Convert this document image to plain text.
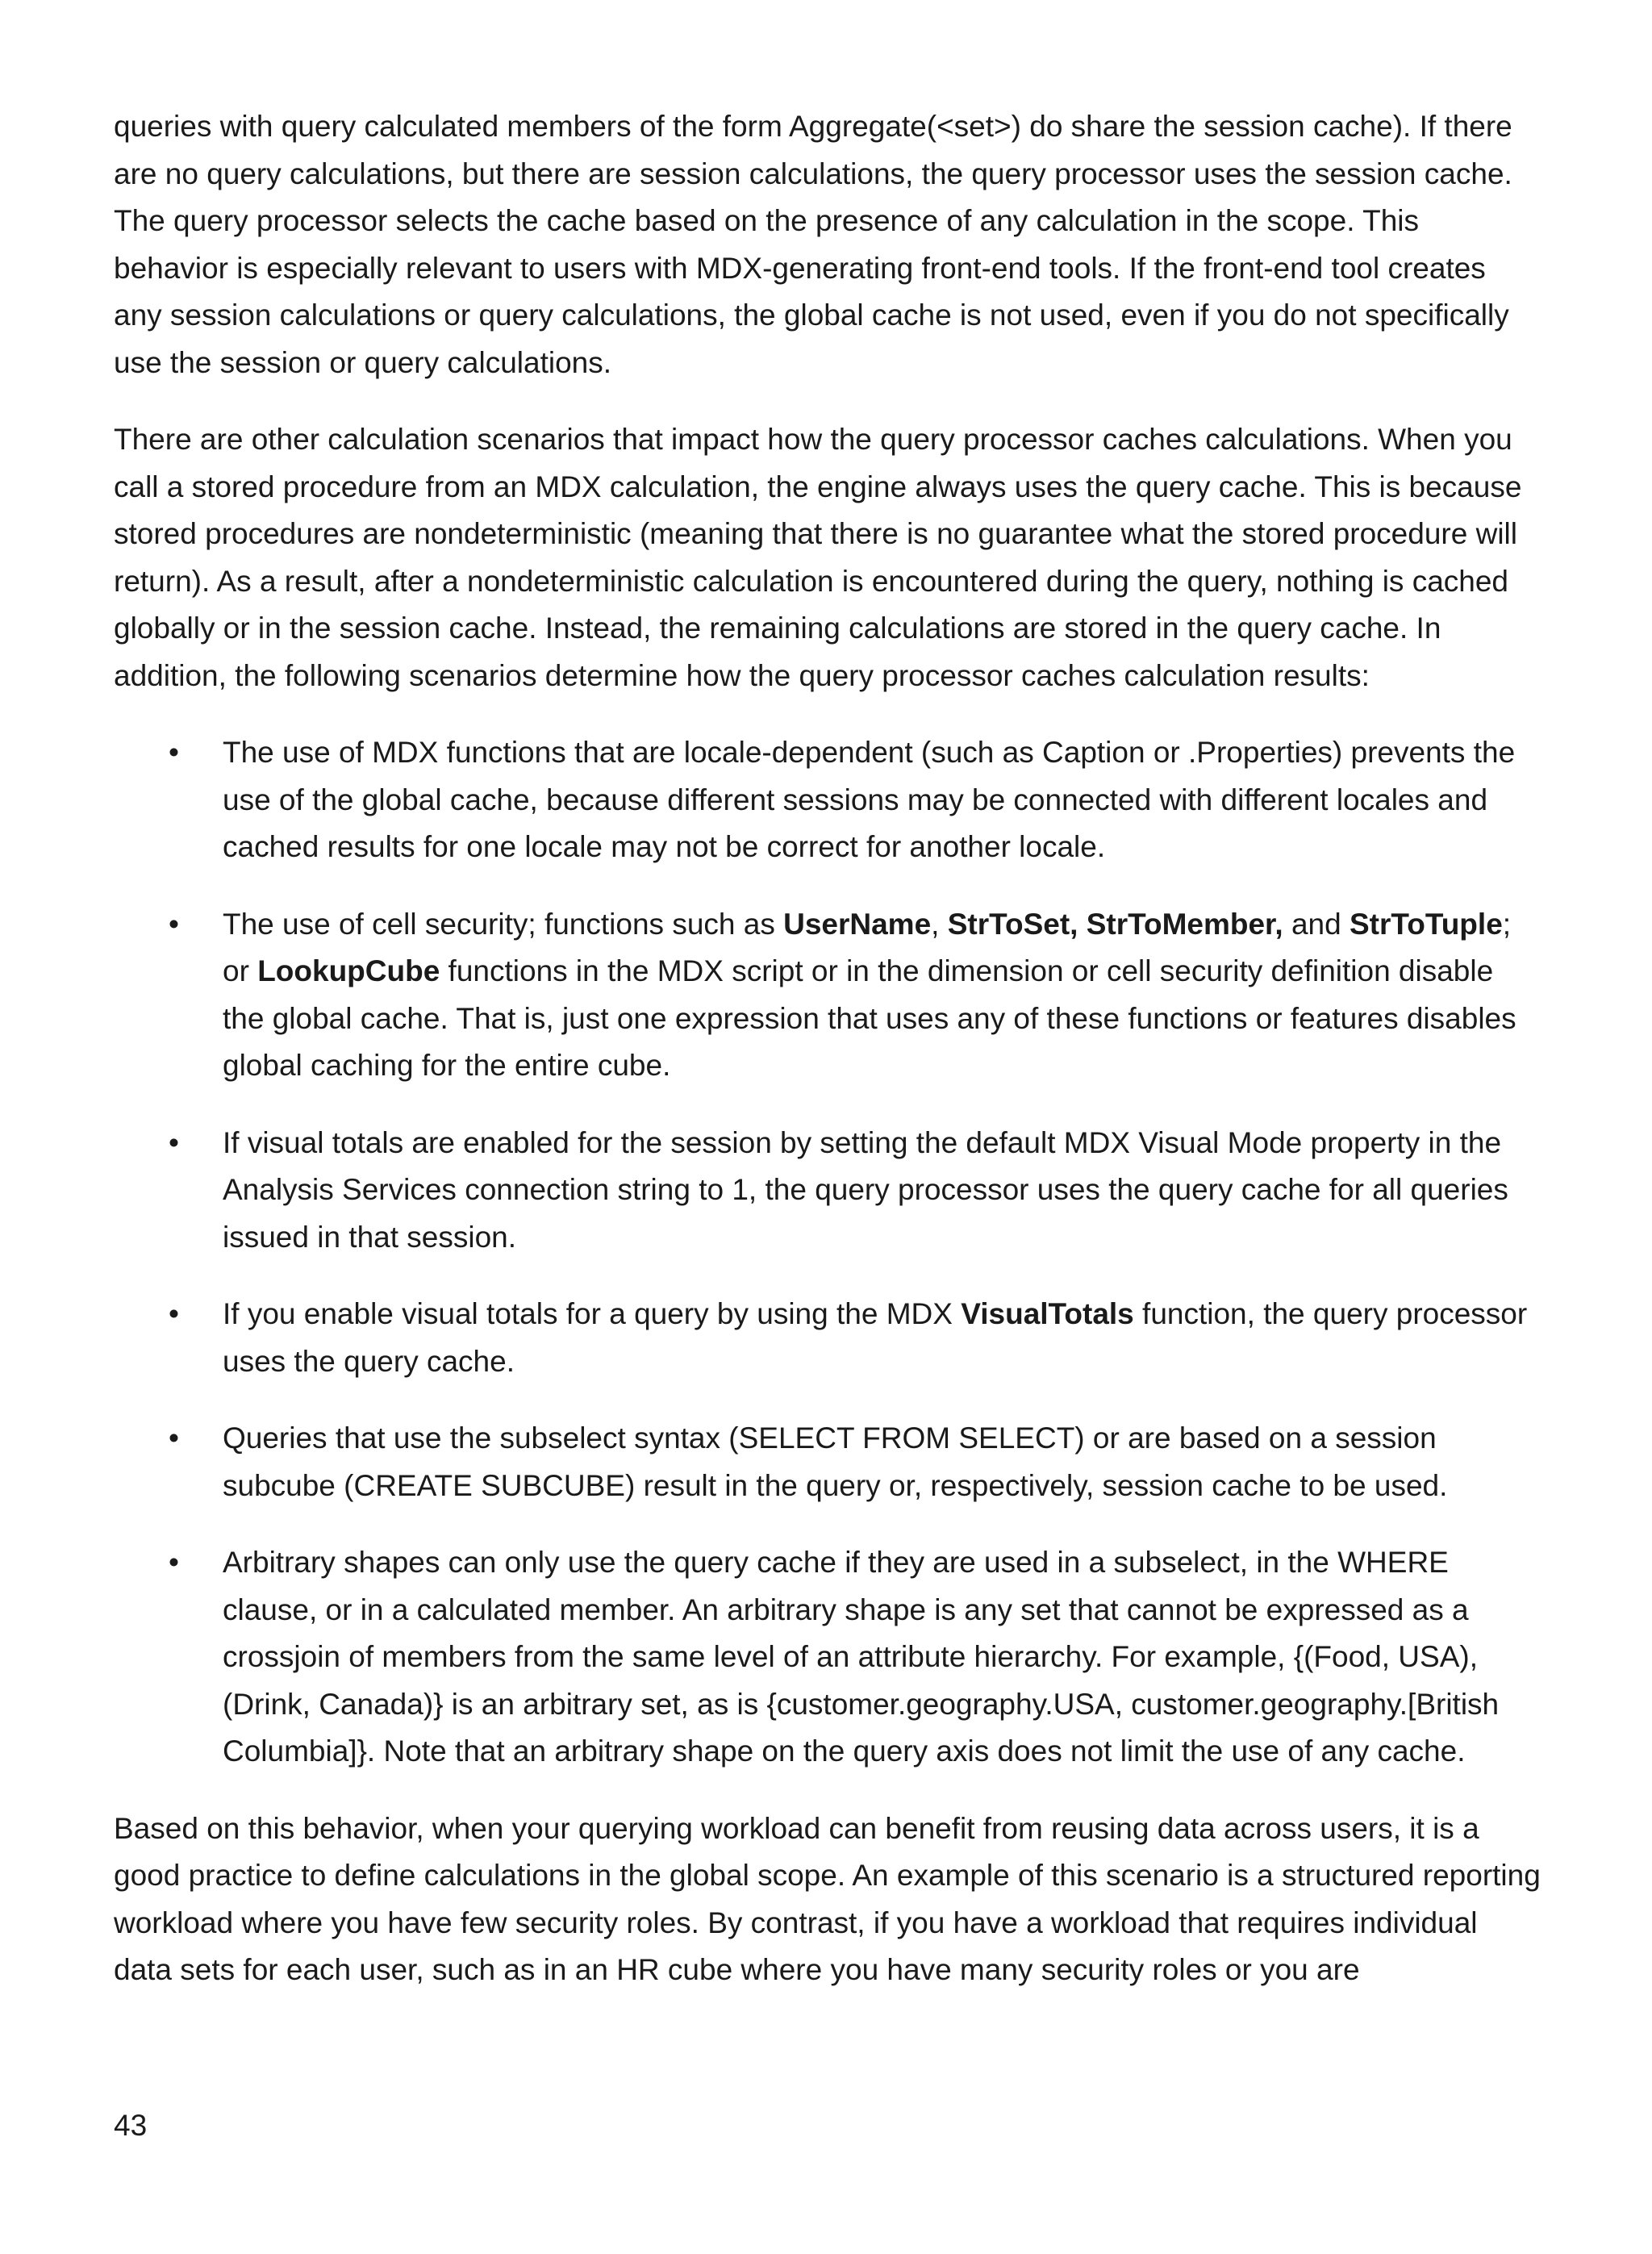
queries with query calculated members of the form Aggregate(<set>) do share the session cache). If there are no query calculations, but there are session calculations, the query processor uses the session cache. The query processor selects the cache based on the presence of any calculation in the scope. This behavior is especially relevant to users with MDX-generating front-end tools. If the front-end tool creates any session calculations or query calculations, the global cache is not used, even if you do not specifically use the session or query calculations.

There are other calculation scenarios that impact how the query processor caches calculations. When you call a stored procedure from an MDX calculation, the engine always uses the query cache. This is because stored procedures are nondeterministic (meaning that there is no guarantee what the stored procedure will return). As a result, after a nondeterministic calculation is encountered during the query, nothing is cached globally or in the session cache. Instead, the remaining calculations are stored in the query cache. In addition, the following scenarios determine how the query processor caches calculation results:

• The use of MDX functions that are locale-dependent (such as Caption or .Properties) prevents the use of the global cache, because different sessions may be connected with different locales and cached results for one locale may not be correct for another locale.
• The use of cell security; functions such as UserName, StrToSet, StrToMember, and StrToTuple; or LookupCube functions in the MDX script or in the dimension or cell security definition disable the global cache. That is, just one expression that uses any of these functions or features disables global caching for the entire cube.
• If visual totals are enabled for the session by setting the default MDX Visual Mode property in the Analysis Services connection string to 1, the query processor uses the query cache for all queries issued in that session.
• If you enable visual totals for a query by using the MDX VisualTotals function, the query processor uses the query cache.
• Queries that use the subselect syntax (SELECT FROM SELECT) or are based on a session subcube (CREATE SUBCUBE) result in the query or, respectively, session cache to be used.
• Arbitrary shapes can only use the query cache if they are used in a subselect, in the WHERE clause, or in a calculated member. An arbitrary shape is any set that cannot be expressed as a crossjoin of members from the same level of an attribute hierarchy. For example, {(Food, USA), (Drink, Canada)} is an arbitrary set, as is {customer.geography.USA, customer.geography.[British Columbia]}. Note that an arbitrary shape on the query axis does not limit the use of any cache.

Based on this behavior, when your querying workload can benefit from reusing data across users, it is a good practice to define calculations in the global scope. An example of this scenario is a structured reporting workload where you have few security roles. By contrast, if you have a workload that requires individual data sets for each user, such as in an HR cube where you have many security roles or you are

43
